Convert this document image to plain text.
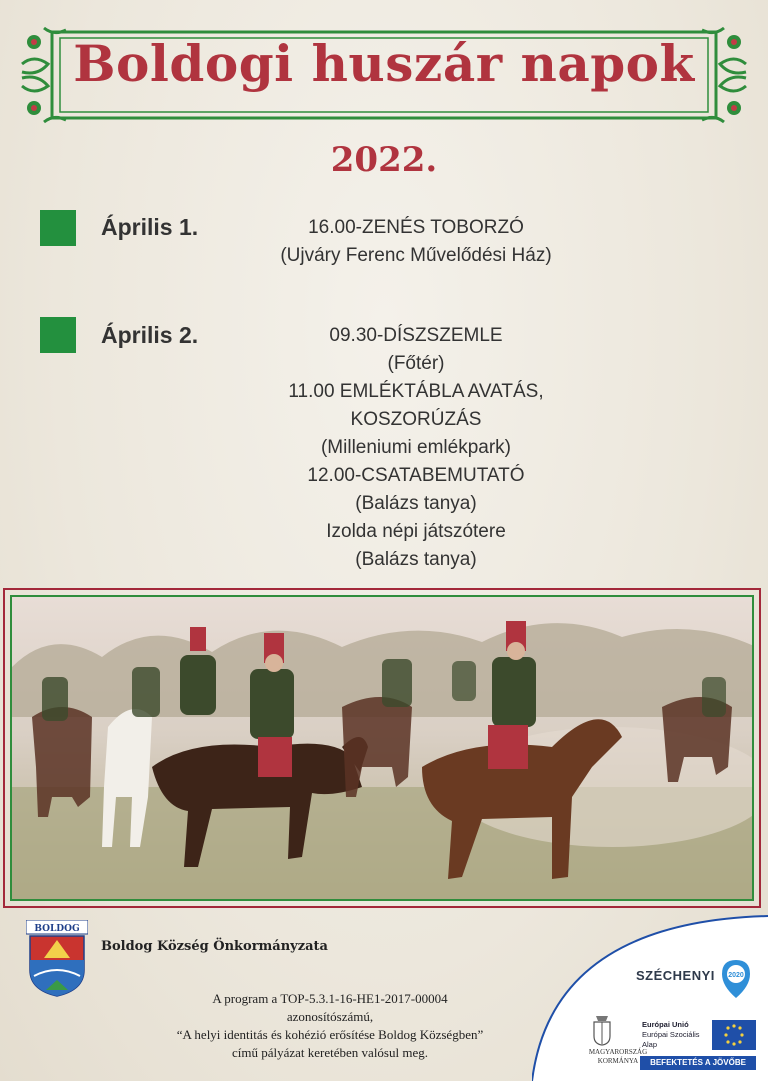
Boldogi huszár napok
2022.
Április 1.	16.00-ZENÉS TOBORZÓ
(Ujváry Ferenc Művelődési Ház)
Április 2.	09.30-DÍSZSZEMLE
(Főtér)
11.00 EMLÉKTÁBLA AVATÁS,
KOSZORÚZÁS
(Milleniumi emlékpark)
12.00-CSATABEMUTATÓ
(Balázs tanya)
Izolda népi játszótere
(Balázs tanya)
BOLDOG
Boldog Község Önkormányzata
A program a TOP-5.3.1-16-HE1-2017-00004
azonosítószámú,
“A helyi identitás és kohézió erősítése Boldog Községben”
című pályázat keretében valósul meg.
SZÉCHENYI 2020
MAGYARORSZÁG
KORMÁNYA
Európai Unió
Európai Szociális
Alap
BEFEKTETÉS A JÖVŐBE
